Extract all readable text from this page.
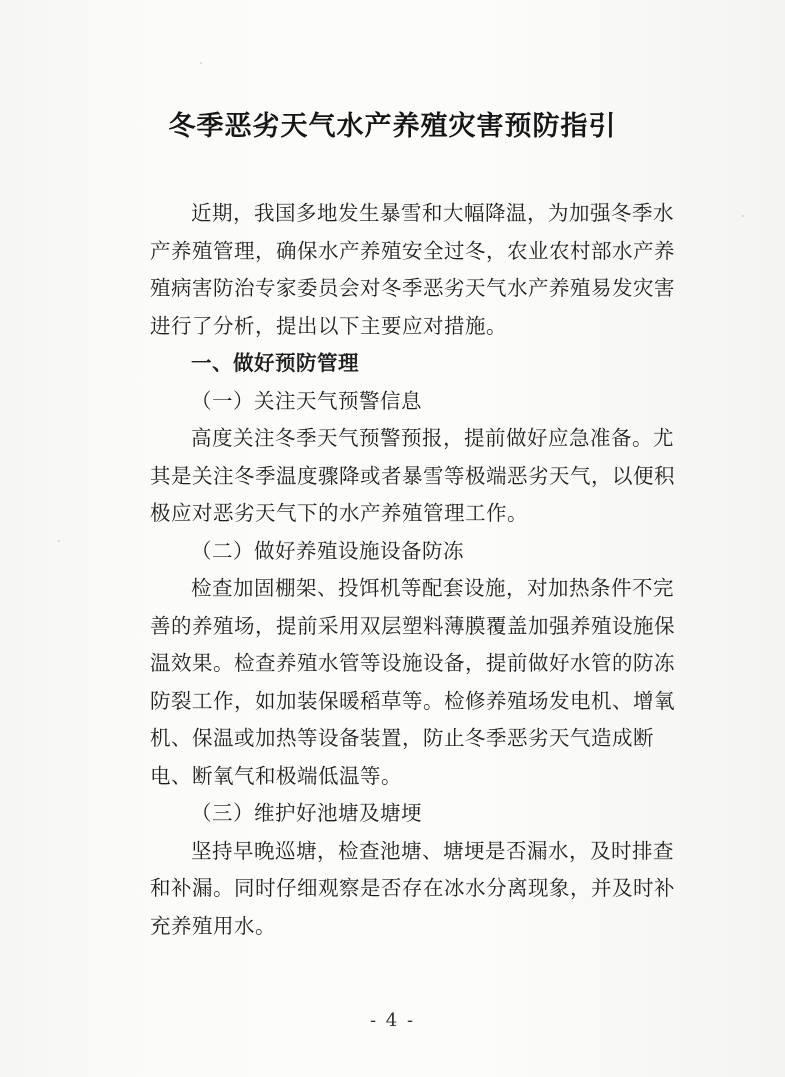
冬季恶劣天气水产养殖灾害预防指引

近期，我国多地发生暴雪和大幅降温，为加强冬季水产养殖管理，确保水产养殖安全过冬，农业农村部水产养殖病害防治专家委员会对冬季恶劣天气水产养殖易发灾害进行了分析，提出以下主要应对措施。

一、做好预防管理

（一）关注天气预警信息

高度关注冬季天气预警预报，提前做好应急准备。尤其是关注冬季温度骤降或者暴雪等极端恶劣天气，以便积极应对恶劣天气下的水产养殖管理工作。

（二）做好养殖设施设备防冻

检查加固棚架、投饵机等配套设施，对加热条件不完善的养殖场，提前采用双层塑料薄膜覆盖加强养殖设施保温效果。检查养殖水管等设施设备，提前做好水管的防冻防裂工作，如加装保暖稻草等。检修养殖场发电机、增氧机、保温或加热等设备装置，防止冬季恶劣天气造成断电、断氧气和极端低温等。

（三）维护好池塘及塘埂

坚持早晚巡塘，检查池塘、塘埂是否漏水，及时排查和补漏。同时仔细观察是否存在冰水分离现象，并及时补充养殖用水。

- 4 -
